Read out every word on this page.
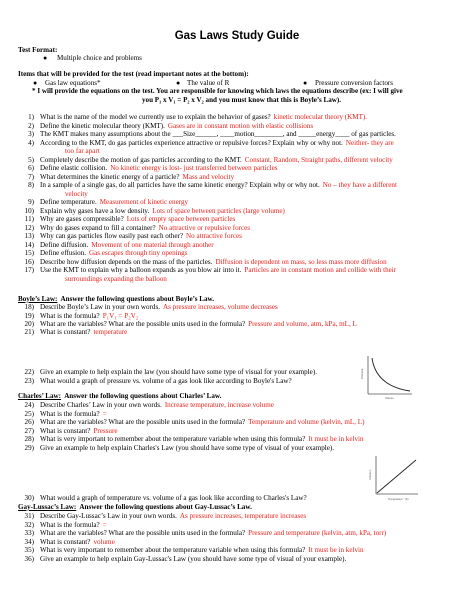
Gas Laws Study Guide
Test Format:
● Multiple choice and problems
Items that will be provided for the test (read important notes at the bottom):
● Gas law equations*	● The value of R	● Pressure conversion factors
* I will provide the equations on the test. You are responsible for knowing which laws the equations describe (ex: I will give
you P₁ x V₁ = P₂ x V₂ and you must know that this is Boyle’s Law).
1) What is the name of the model we currently use to explain the behavior of gases? kinetic molecular theory (KMT).
2) Define the kinetic molecular theory (KMT). Gases are in constant motion with elastic collisions
3) The KMT makes many assumptions about the ___Size______, ____motion________, and _____energy____ of gas particles.
4) According to the KMT, do gas particles experience attractive or repulsive forces? Explain why or why not. Neither- they are
too far apart
5) Completely describe the motion of gas particles according to the KMT. Constant, Random, Straight paths, different velocity
6) Define elastic collision. No kinetic energy is lost- just transferred between particles
7) What determines the kinetic energy of a particle? Mass and velocity
8) In a sample of a single gas, do all particles have the same kinetic energy? Explain why or why not. No – they have a different
velocity
9) Define temperature. Measurement of kinetic energy
10) Explain why gases have a low density. Lots of space between particles (large volume)
11) Why are gases compressible? Lots of empty space between particles
12) Why do gases expand to fill a container? No attractive or repulsive forces
13) Why can gas particles flow easily past each other? No attractive forces
14) Define diffusion. Movement of one material through another
15) Define effusion. Gas escapes through tiny openings
16) Describe how diffusion depends on the mass of the particles. Diffusion is dependent on mass, so less mass more diffusion
17) Use the KMT to explain why a balloon expands as you blow air into it. Particles are in constant motion and collide with their
surroundings expanding the balloon
Boyle’s Law: Answer the following questions about Boyle’s Law.
18) Describe Boyle’s Law in your own words. As pressure increases, volume decreases
19) What is the formula? P₁V₁ = P₂V₂
20) What are the variables? What are the possible units used in the formula? Pressure and volume, atm, kPa, mL, L
21) What is constant? temperature
22) Give an example to help explain the law (you should have some type of visual for your example).
23) What would a graph of pressure vs. volume of a gas look like according to Boyle's Law?
Pressure
Volume
Charles’ Law: Answer the following questions about Charles’ Law.
24) Describe Charles’ Law in your own words. Increase temperature, increase volume
25) What is the formula? =
26) What are the variables? What are the possible units used in the formula? Temperature and volume (kelvin, mL, L)
27) What is constant? Pressure
28) What is very important to remember about the temperature variable when using this formula? It must be in kelvin
29) Give an example to help explain Charles's Law (you should have some type of visual of your example).
30) What would a graph of temperature vs. volume of a gas look like according to Charles's Law?
Volume L
Temperature ° (K)
Gay-Lussac’s Law: Answer the following questions about Gay-Lussac’s Law.
31) Describe Gay-Lussac’s Law in your own words. As pressure increases, temperature increases
32) What is the formula? =
33) What are the variables? What are the possible units used in the formula? Pressure and temperature (kelvin, atm, kPa, torr)
34) What is constant? volume
35) What is very important to remember about the temperature variable when using this formula? It must be in kelvin
36) Give an example to help explain Gay-Lussac's Law (you should have some type of visual of your example).
